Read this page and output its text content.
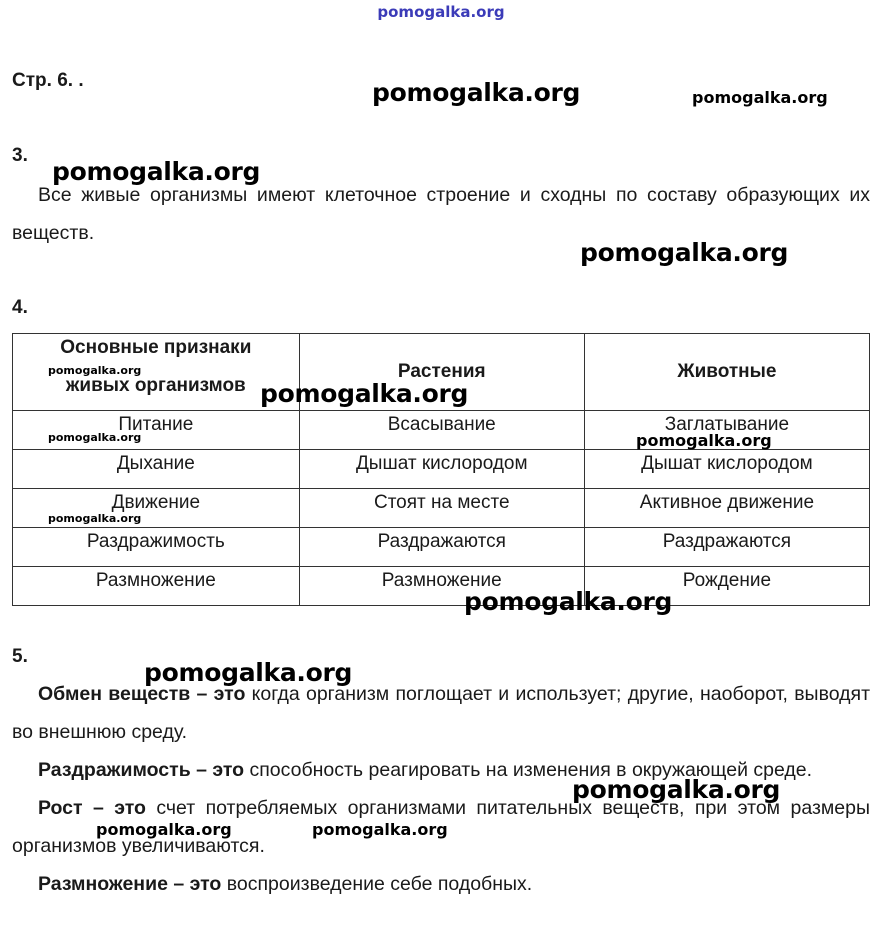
pomogalka.org
Стр. 6. .
3.
Все живые организмы имеют клеточное строение и сходны по составу образующих их веществ.
4.
Основные признаки живых организмов	Растения	Животные
Питание	Всасывание	Заглатывание
Дыхание	Дышат кислородом	Дышат кислородом
Движение	Стоят на месте	Активное движение
Раздражимость	Раздражаются	Раздражаются
Размножение	Размножение	Рождение
5.
Обмен веществ – это когда организм поглощает и использует; другие, наоборот, выводят во внешнюю среду.
Раздражимость – это способность реагировать на изменения в окружающей среде.
Рост – это счет потребляемых организмами питательных веществ, при этом размеры организмов увеличиваются.
Размножение – это воспроизведение себе подобных.
pomogalka.org	pomogalka.org
pomogalka.org
pomogalka.org
pomogalka.org
pomogalka.org
pomogalka.org	pomogalka.org
pomogalka.org
pomogalka.org
pomogalka.org
pomogalka.org
pomogalka.org	pomogalka.org
